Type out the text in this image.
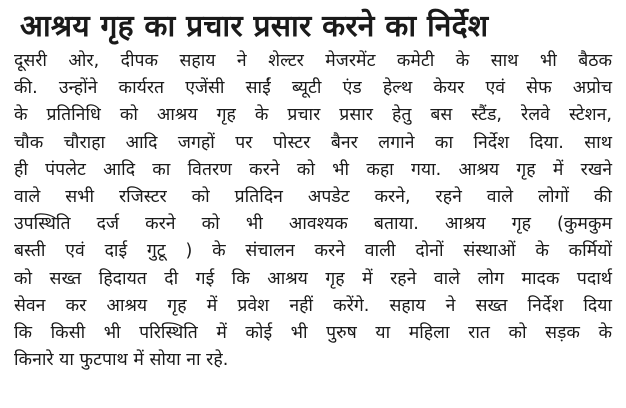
आश्रय गृह का प्रचार प्रसार करने का निर्देश
दूसरी ओर, दीपक सहाय ने शेल्टर मेजरमेंट कमेटी के साथ भी बैठक
की. उन्होंने कार्यरत एजेंसी साईं ब्यूटी एंड हेल्थ केयर एवं सेफ अप्रोच
के प्रतिनिधि को आश्रय गृह के प्रचार प्रसार हेतु बस स्टैंड, रेलवे स्टेशन,
चौक चौराहा आदि जगहों पर पोस्टर बैनर लगाने का निर्देश दिया. साथ
ही पंपलेट आदि का वितरण करने को भी कहा गया. आश्रय गृह में रखने
वाले सभी रजिस्टर को प्रतिदिन अपडेट करने, रहने वाले लोगों की
उपस्थिति दर्ज करने को भी आवश्यक बताया. आश्रय गृह (कुमकुम
बस्ती एवं दाई गुटू ) के संचालन करने वाली दोनों संस्थाओं के कर्मियों
को सख्त हिदायत दी गई कि आश्रय गृह में रहने वाले लोग मादक पदार्थ
सेवन कर आश्रय गृह में प्रवेश नहीं करेंगे. सहाय ने सख्त निर्देश दिया
कि किसी भी परिस्थिति में कोई भी पुरुष या महिला रात को सड़क के
किनारे या फुटपाथ में सोया ना रहे.
